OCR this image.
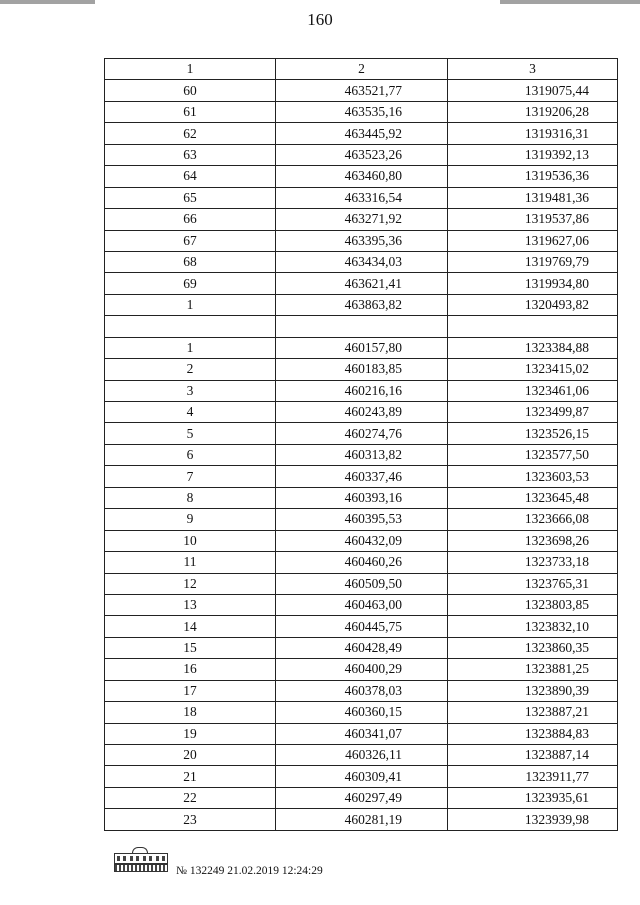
160
1	2	3
60	463521,77	1319075,44
61	463535,16	1319206,28
62	463445,92	1319316,31
63	463523,26	1319392,13
64	463460,80	1319536,36
65	463316,54	1319481,36
66	463271,92	1319537,86
67	463395,36	1319627,06
68	463434,03	1319769,79
69	463621,41	1319934,80
1	463863,82	1320493,82

1	460157,80	1323384,88
2	460183,85	1323415,02
3	460216,16	1323461,06
4	460243,89	1323499,87
5	460274,76	1323526,15
6	460313,82	1323577,50
7	460337,46	1323603,53
8	460393,16	1323645,48
9	460395,53	1323666,08
10	460432,09	1323698,26
11	460460,26	1323733,18
12	460509,50	1323765,31
13	460463,00	1323803,85
14	460445,75	1323832,10
15	460428,49	1323860,35
16	460400,29	1323881,25
17	460378,03	1323890,39
18	460360,15	1323887,21
19	460341,07	1323884,83
20	460326,11	1323887,14
21	460309,41	1323911,77
22	460297,49	1323935,61
23	460281,19	1323939,98
№ 132249 21.02.2019 12:24:29
